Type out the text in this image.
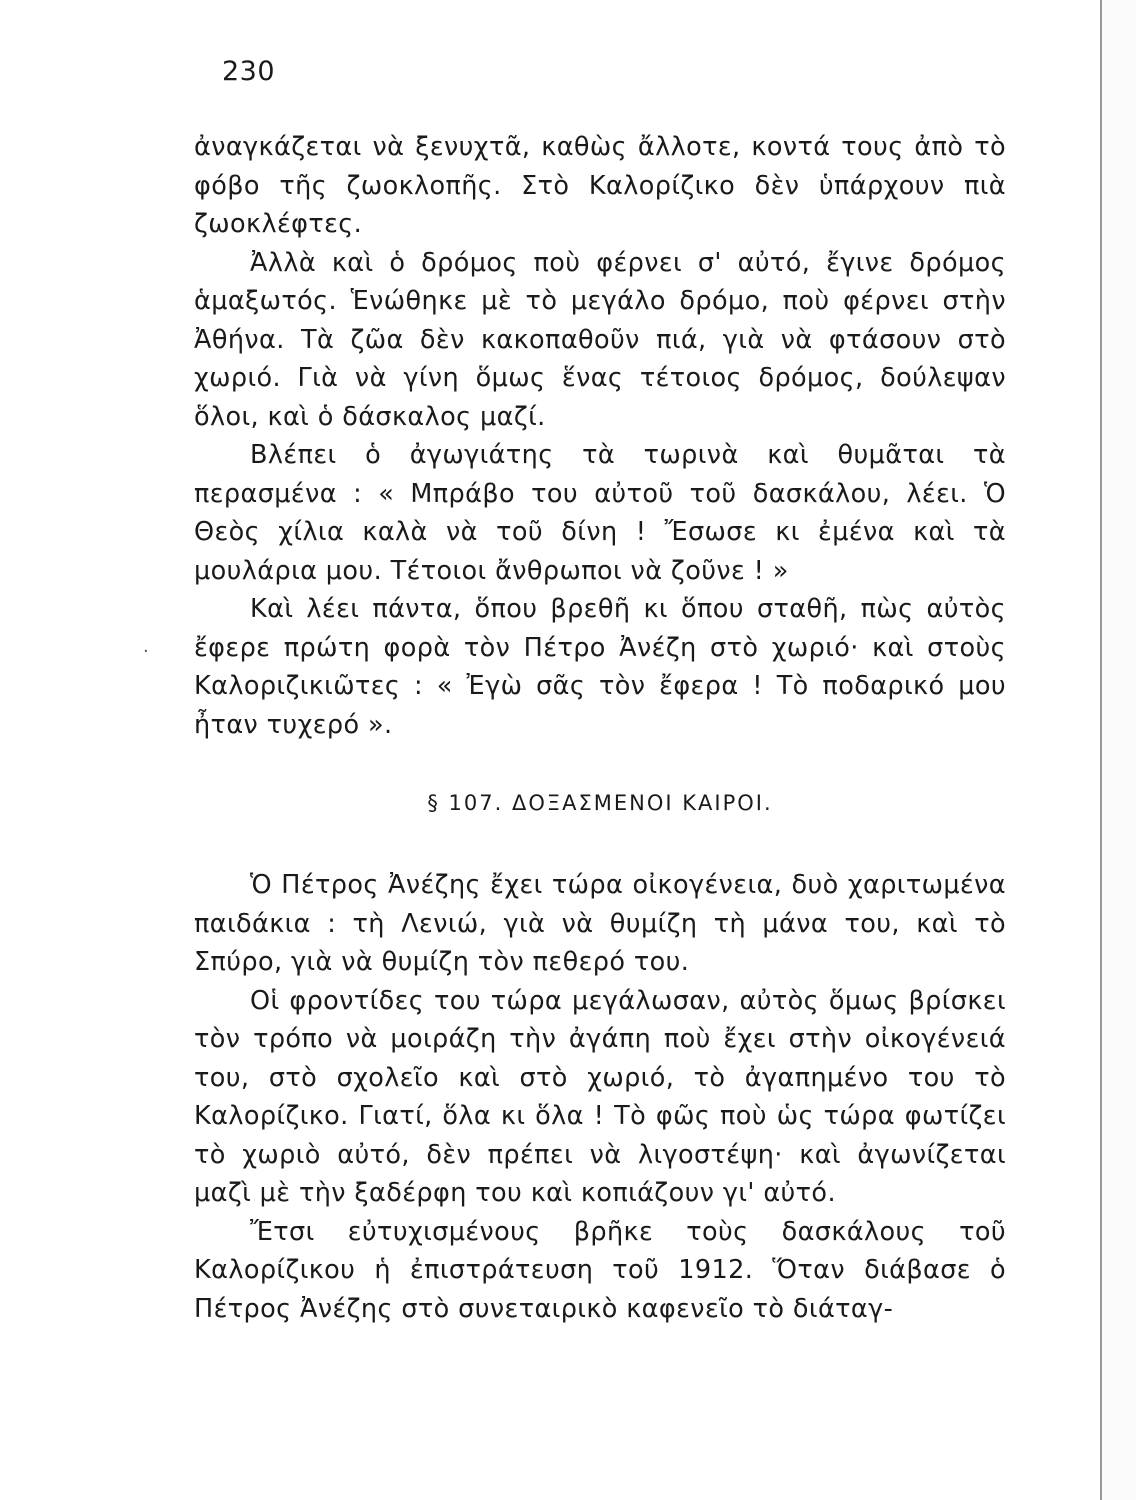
230

ἀναγκάζεται νὰ ξενυχτᾶ, καθὼς ἄλλοτε, κοντά τους ἀπὸ τὸ φόβο τῆς ζωοκλοπῆς. Στὸ Καλορίζικο δὲν ὑπάρχουν πιὰ ζωοκλέφτες.

Ἀλλὰ καὶ ὁ δρόμος ποὺ φέρνει σ' αὐτό, ἔγινε δρόμος ἁμαξωτός. Ἑνώθηκε μὲ τὸ μεγάλο δρόμο, ποὺ φέρνει στὴν Ἀθήνα. Τὰ ζῶα δὲν κακοπαθοῦν πιά, γιὰ νὰ φτάσουν στὸ χωριό. Γιὰ νὰ γίνη ὅμως ἕνας τέτοιος δρόμος, δούλεψαν ὅλοι, καὶ ὁ δάσκαλος μαζί.

Βλέπει ὁ ἀγωγιάτης τὰ τωρινὰ καὶ θυμᾶται τὰ περασμένα : « Μπράβο του αὐτοῦ τοῦ δασκάλου, λέει. Ὁ Θεὸς χίλια καλὰ νὰ τοῦ δίνη ! Ἔσωσε κι ἐμένα καὶ τὰ μουλάρια μου. Τέτοιοι ἄνθρωποι νὰ ζοῦνε ! »

Καὶ λέει πάντα, ὅπου βρεθῆ κι ὅπου σταθῆ, πὼς αὐτὸς ἔφερε πρώτη φορὰ τὸν Πέτρο Ἀνέζη στὸ χωριό· καὶ στοὺς Καλοριζικιῶτες : « Ἐγὼ σᾶς τὸν ἔφερα ! Τὸ ποδαρικό μου ἦταν τυχερό ».

·
§ 107. ΔΟΞΑΣΜΕΝΟΙ ΚΑΙΡΟΙ.

Ὁ Πέτρος Ἀνέζης ἔχει τώρα οἰκογένεια, δυὸ χαριτωμένα παιδάκια : τὴ Λενιώ, γιὰ νὰ θυμίζη τὴ μάνα του, καὶ τὸ Σπύρο, γιὰ νὰ θυμίζη τὸν πεθερό του.

Οἱ φροντίδες του τώρα μεγάλωσαν, αὐτὸς ὅμως βρίσκει τὸν τρόπο νὰ μοιράζη τὴν ἀγάπη ποὺ ἔχει στὴν οἰκογένειά του, στὸ σχολεῖο καὶ στὸ χωριό, τὸ ἀγαπημένο του τὸ Καλορίζικο. Γιατί, ὅλα κι ὅλα ! Τὸ φῶς ποὺ ὡς τώρα φωτίζει τὸ χωριὸ αὐτό, δὲν πρέπει νὰ λιγοστέψη· καὶ ἀγωνίζεται μαζὶ μὲ τὴν ξαδέρφη του καὶ κοπιάζουν γι' αὐτό.

Ἔτσι εὐτυχισμένους βρῆκε τοὺς δασκάλους τοῦ Καλορίζικου ἡ ἐπιστράτευση τοῦ 1912. Ὅταν διάβασε ὁ Πέτρος Ἀνέζης στὸ συνεταιρικὸ καφενεῖο τὸ διάταγ-
